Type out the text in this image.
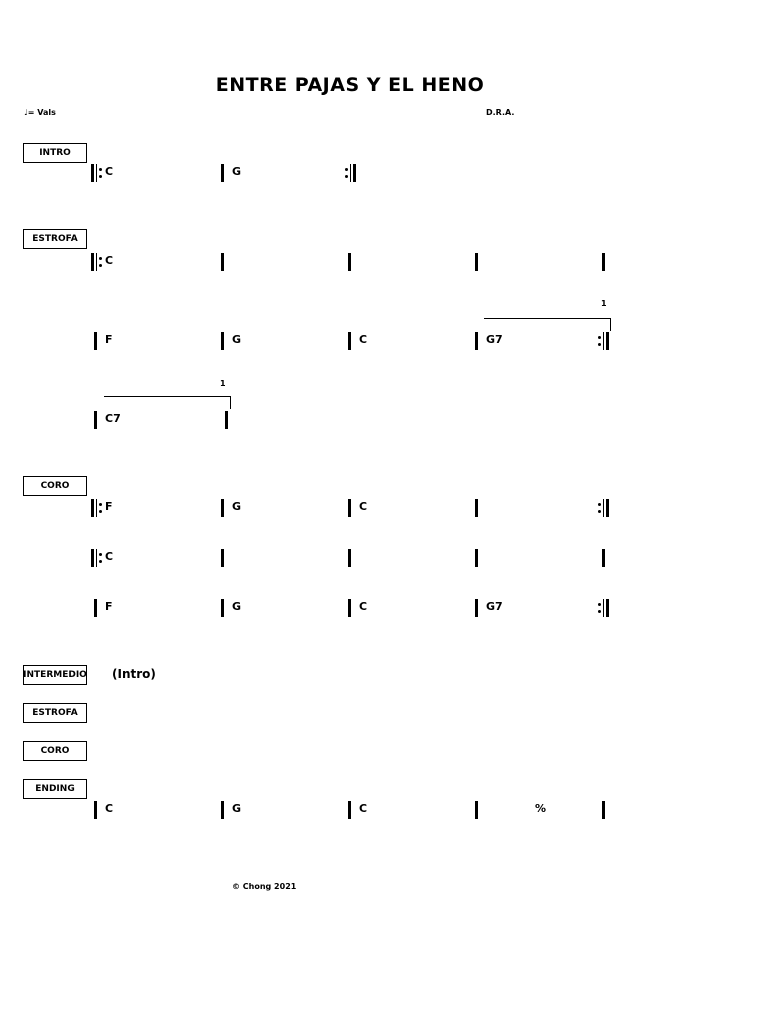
ENTRE PAJAS Y EL HENO
♩= Vals	D.R.A.
INTRO
C	G
ESTROFA
C
1
F	G	C	G7
1
C7
CORO
F	G	C
C
F	G	C	G7
INTERMEDIO (Intro)
ESTROFA
CORO
ENDING
C	G	C	%
© Chong 2021
